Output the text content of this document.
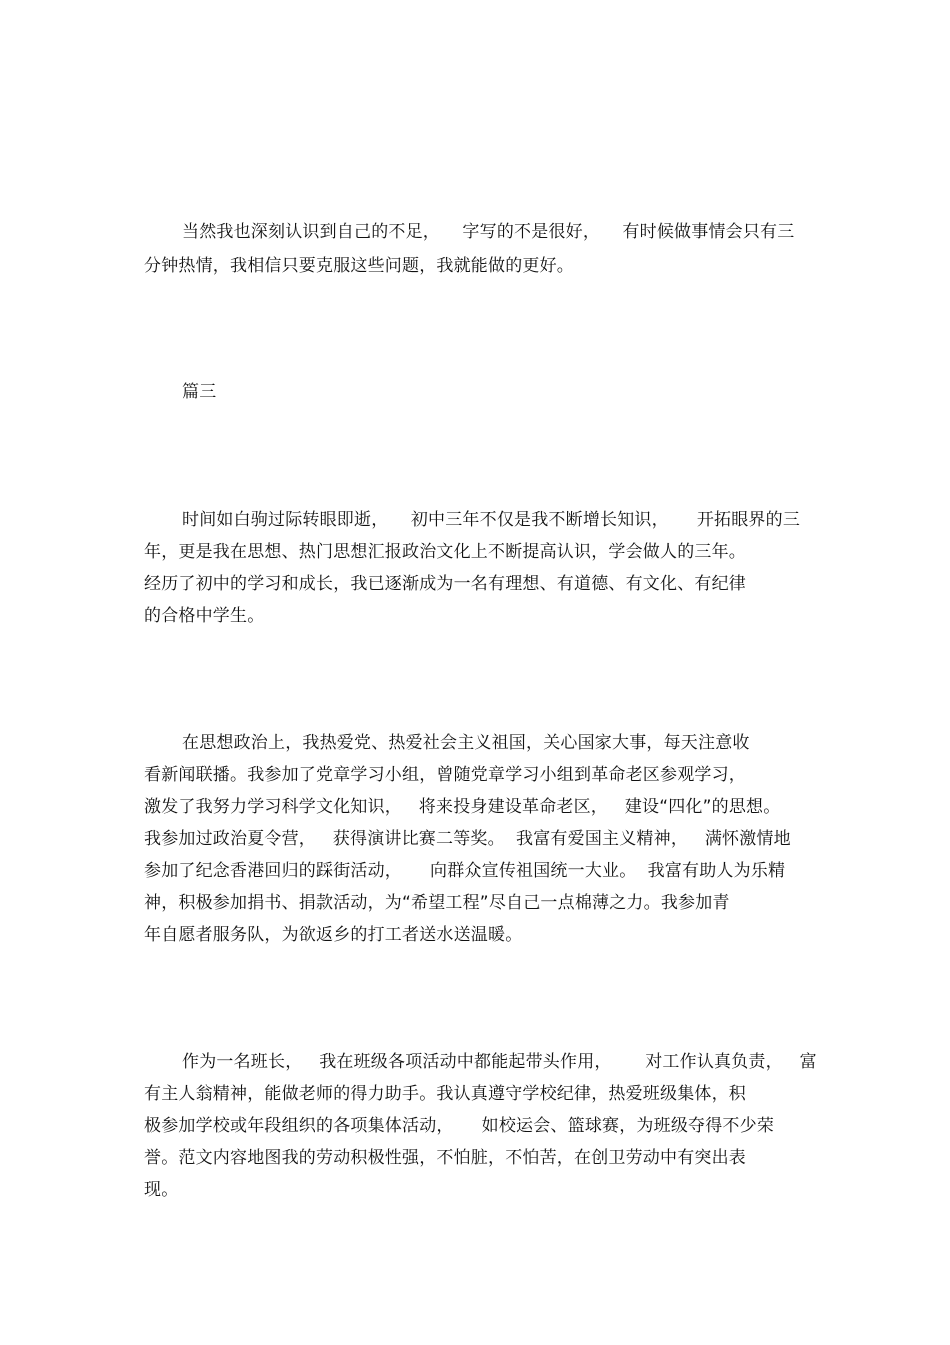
当然我也深刻认识到自己的不足，    字写的不是很好，    有时候做事情会只有三
分钟热情，我相信只要克服这些问题，我就能做的更好。
篇三
时间如白驹过际转眼即逝，    初中三年不仅是我不断增长知识，     开拓眼界的三
年，更是我在思想、热门思想汇报政治文化上不断提高认识，学会做人的三年。
经历了初中的学习和成长，我已逐渐成为一名有理想、有道德、有文化、有纪律
的合格中学生。
在思想政治上，我热爱党、热爱社会主义祖国，关心国家大事，每天注意收
看新闻联播。我参加了党章学习小组，曾随党章学习小组到革命老区参观学习，
激发了我努力学习科学文化知识，   将来投身建设革命老区，   建设“四化”的思想。
我参加过政治夏令营，   获得演讲比赛二等奖。  我富有爱国主义精神，   满怀激情地
参加了纪念香港回归的踩街活动，     向群众宣传祖国统一大业。  我富有助人为乐精
神，积极参加捐书、捐款活动，为“希望工程”尽自己一点棉薄之力。我参加青
年自愿者服务队，为欲返乡的打工者送水送温暖。
作为一名班长，   我在班级各项活动中都能起带头作用，      对工作认真负责，   富
有主人翁精神，能做老师的得力助手。我认真遵守学校纪律，热爱班级集体，积
极参加学校或年段组织的各项集体活动，     如校运会、篮球赛，为班级夺得不少荣
誉。范文内容地图我的劳动积极性强，不怕脏，不怕苦，在创卫劳动中有突出表
现。
